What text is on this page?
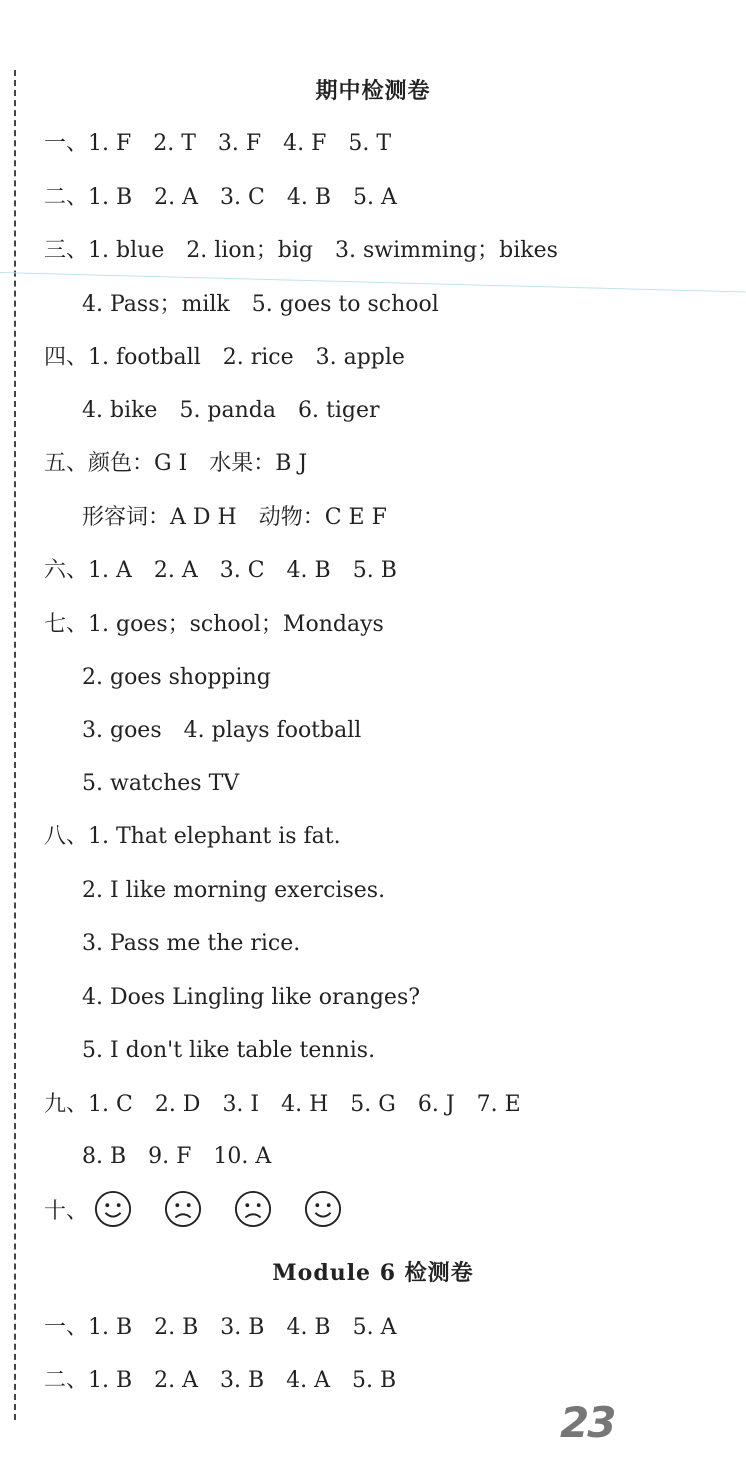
期中检测卷
一、1. F　2. T　3. F　4. F　5. T
二、1. B　2. A　3. C　4. B　5. A
三、1. blue　2. lion；big　3. swimming；bikes
　　4. Pass；milk　5. goes to school
四、1. football　2. rice　3. apple
　　4. bike　5. panda　6. tiger
五、颜色：G I　水果：B J
　　形容词：A D H　动物：C E F
六、1. A　2. A　3. C　4. B　5. B
七、1. goes；school；Mondays
　　2. goes shopping
　　3. goes　4. plays football
　　5. watches TV
八、1. That elephant is fat.
　　2. I like morning exercises.
　　3. Pass me the rice.
　　4. Does Lingling like oranges?
　　5. I don't like table tennis.
九、1. C　2. D　3. I　4. H　5. G　6. J　7. E
　　8. B　9. F　10. A
十、
Module 6 检测卷
一、1. B　2. B　3. B　4. B　5. A
二、1. B　2. A　3. B　4. A　5. B
23
